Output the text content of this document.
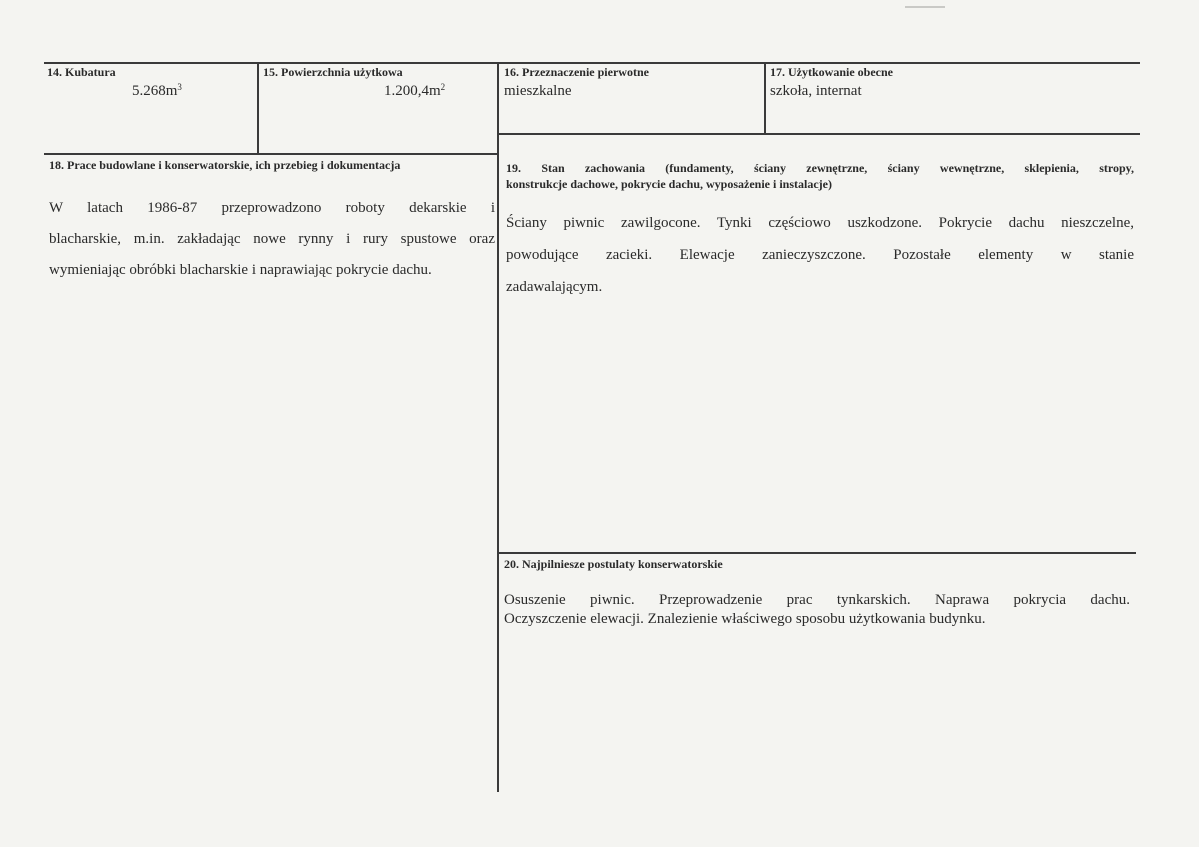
14. Kubatura
$5.268m^3$
15. Powierzchnia użytkowa
$1.200,4m^2$
16. Przeznaczenie pierwotne
mieszkalne
17. Użytkowanie obecne
szkoła, internat
18. Prace budowlane i konserwatorskie, ich przebieg i dokumentacja
W latach 1986-87 przeprowadzono roboty dekarskie i
blacharskie, m.in. zakładając nowe rynny i rury spustowe oraz
wymieniając obróbki blacharskie i naprawiając pokrycie dachu.
19. Stan zachowania (fundamenty, ściany zewnętrzne, ściany wewnętrzne, sklepienia, stropy,
konstrukcje dachowe, pokrycie dachu, wyposażenie i instalacje)
Ściany piwnic zawilgocone. Tynki częściowo uszkodzone. Pokrycie dachu nieszczelne,
powodujące zacieki. Elewacje zanieczyszczone. Pozostałe elementy w stanie
zadawalającym.
20. Najpilniesze postulaty konserwatorskie
Osuszenie piwnic. Przeprowadzenie prac tynkarskich. Naprawa pokrycia dachu.
Oczyszczenie elewacji. Znalezienie właściwego sposobu użytkowania budynku.
